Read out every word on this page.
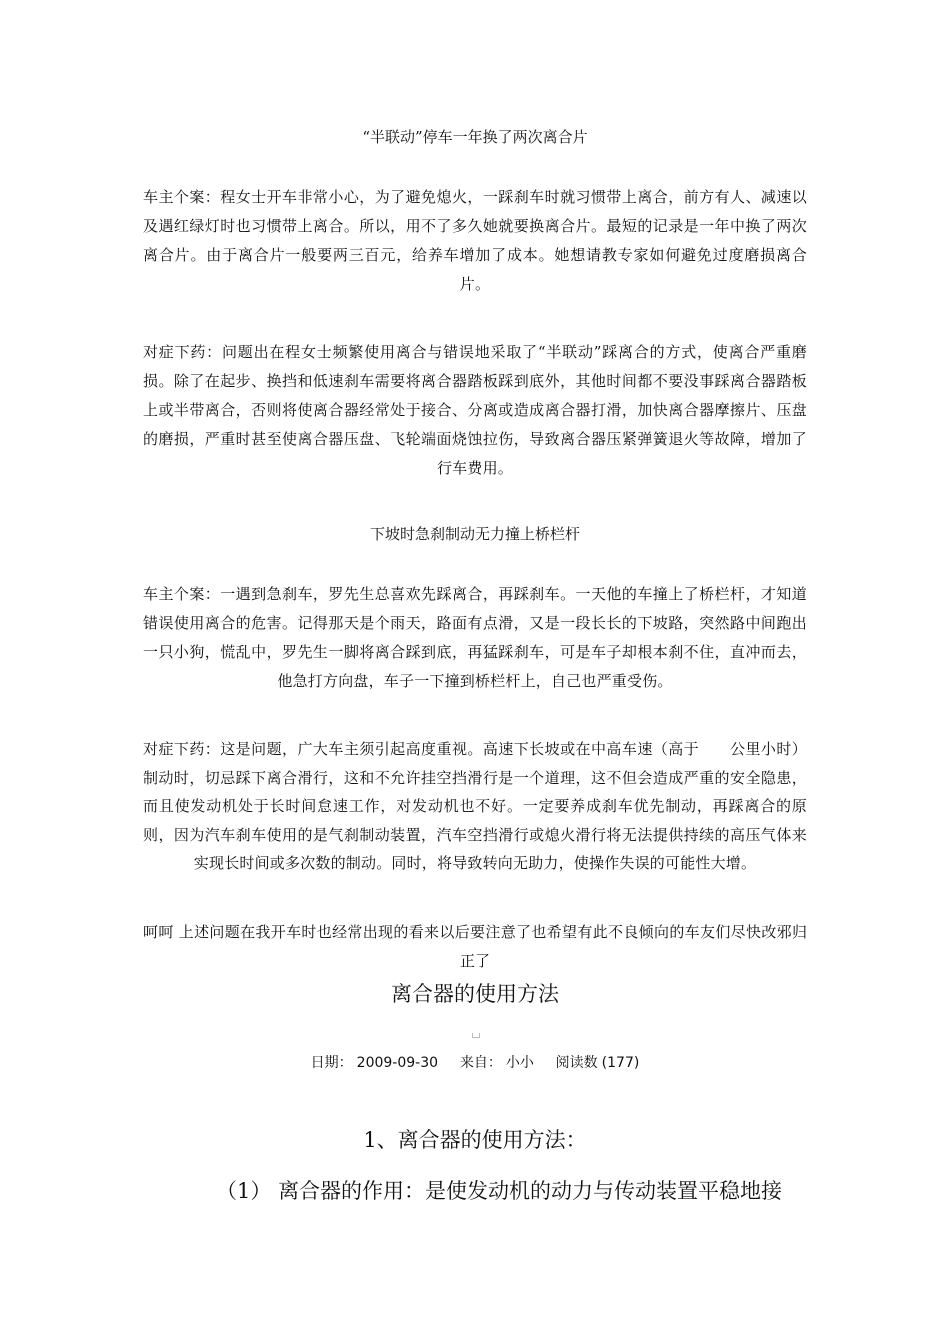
“半联动”停车一年换了两次离合片
车主个案：程女士开车非常小心，为了避免熄火，一踩刹车时就习惯带上离合，前方有人、减速以及遇红绿灯时也习惯带上离合。所以，用不了多久她就要换离合片。最短的记录是一年中换了两次离合片。由于离合片一般要两三百元，给养车增加了成本。她想请教专家如何避免过度磨损离合片。
对症下药：问题出在程女士频繁使用离合与错误地采取了“半联动”踩离合的方式，使离合严重磨损。除了在起步、换挡和低速刹车需要将离合器踏板踩到底外，其他时间都不要没事踩离合器踏板上或半带离合，否则将使离合器经常处于接合、分离或造成离合器打滑，加快离合器摩擦片、压盘的磨损，严重时甚至使离合器压盘、飞轮端面烧蚀拉伤，导致离合器压紧弹簧退火等故障，增加了行车费用。
下坡时急刹制动无力撞上桥栏杆
车主个案：一遇到急刹车，罗先生总喜欢先踩离合，再踩刹车。一天他的车撞上了桥栏杆，才知道错误使用离合的危害。记得那天是个雨天，路面有点滑，又是一段长长的下坡路，突然路中间跑出一只小狗，慌乱中，罗先生一脚将离合踩到底，再猛踩刹车，可是车子却根本刹不住，直冲而去，他急打方向盘，车子一下撞到桥栏杆上，自己也严重受伤。
对症下药：这是问题，广大车主须引起高度重视。高速下长坡或在中高车速（高于　　公里小时）制动时，切忌踩下离合滑行，这和不允许挂空挡滑行是一个道理，这不但会造成严重的安全隐患，而且使发动机处于长时间怠速工作，对发动机也不好。一定要养成刹车优先制动，再踩离合的原则，因为汽车刹车使用的是气刹制动装置，汽车空挡滑行或熄火滑行将无法提供持续的高压气体来实现长时间或多次数的制动。同时，将导致转向无助力，使操作失误的可能性大增。
呵呵 上述问题在我开车时也经常出现的看来以后要注意了也希望有此不良倾向的车友们尽快改邪归正了
离合器的使用方法
日期： 2009-09-30 来自： 小小 阅读数 (177)
1、离合器的使用方法：
（1） 离合器的作用：是使发动机的动力与传动装置平稳地接
